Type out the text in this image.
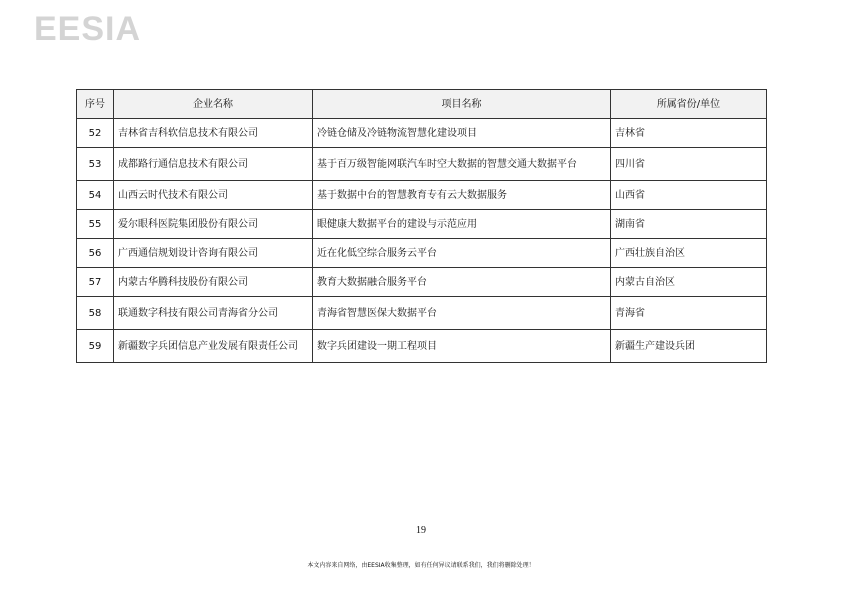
EESIA
序号	企业名称	项目名称	所属省份/单位
52	吉林省吉科软信息技术有限公司	冷链仓储及冷链物流智慧化建设项目	吉林省
53	成都路行通信息技术有限公司	基于百万级智能网联汽车时空大数据的智慧交通大数据平台	四川省
54	山西云时代技术有限公司	基于数据中台的智慧教育专有云大数据服务	山西省
55	爱尔眼科医院集团股份有限公司	眼健康大数据平台的建设与示范应用	湖南省
56	广西通信规划设计咨询有限公司	近在化低空综合服务云平台	广西壮族自治区
57	内蒙古华腾科技股份有限公司	教育大数据融合服务平台	内蒙古自治区
58	联通数字科技有限公司青海省分公司	青海省智慧医保大数据平台	青海省
59	新疆数字兵团信息产业发展有限责任公司	数字兵团建设一期工程项目	新疆生产建设兵团
19
本文内容来自网络，由EESIA收集整理，如有任何异议请联系我们，我们将删除处理！
